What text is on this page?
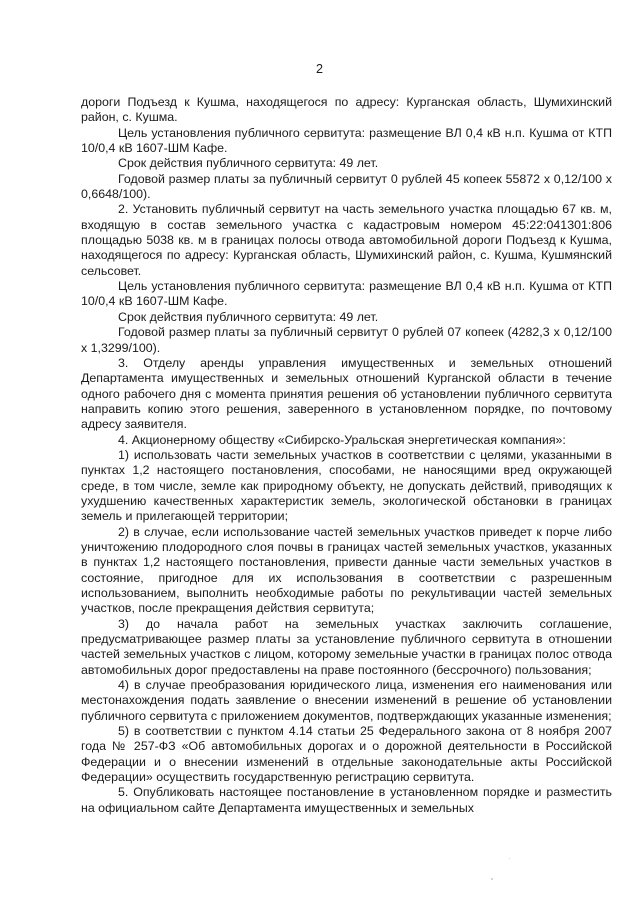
2

дороги Подъезд к Кушма, находящегося по адресу: Курганская область, Шумихинский район, с. Кушма.

Цель установления публичного сервитута: размещение ВЛ 0,4 кВ н.п. Кушма от КТП 10/0,4 кВ 1607-ШМ Кафе.

Срок действия публичного сервитута: 49 лет.

Годовой размер платы за публичный сервитут 0 рублей 45 копеек 55872 x 0,12/100 x 0,6648/100).

2. Установить публичный сервитут на часть земельного участка площадью 67 кв. м, входящую в состав земельного участка с кадастровым номером 45:22:041301:806 площадью 5038 кв. м в границах полосы отвода автомобильной дороги Подъезд к Кушма, находящегося по адресу: Курганская область, Шумихинский район, с. Кушма, Кушмянский сельсовет.

Цель установления публичного сервитута: размещение ВЛ 0,4 кВ н.п. Кушма от КТП 10/0,4 кВ 1607-ШМ Кафе.

Срок действия публичного сервитута: 49 лет.

Годовой размер платы за публичный сервитут 0 рублей 07 копеек (4282,3 x 0,12/100 x 1,3299/100).

3. Отделу аренды управления имущественных и земельных отношений Департамента имущественных и земельных отношений Курганской области в течение одного рабочего дня с момента принятия решения об установлении публичного сервитута направить копию этого решения, заверенного в установленном порядке, по почтовому адресу заявителя.

4. Акционерному обществу «Сибирско-Уральская энергетическая компания»:

1) использовать части земельных участков в соответствии с целями, указанными в пунктах 1,2 настоящего постановления, способами, не наносящими вред окружающей среде, в том числе, земле как природному объекту, не допускать действий, приводящих к ухудшению качественных характеристик земель, экологической обстановки в границах земель и прилегающей территории;

2) в случае, если использование частей земельных участков приведет к порче либо уничтожению плодородного слоя почвы в границах частей земельных участков, указанных в пунктах 1,2 настоящего постановления, привести данные части земельных участков в состояние, пригодное для их использования в соответствии с разрешенным использованием, выполнить необходимые работы по рекультивации частей земельных участков, после прекращения действия сервитута;

3) до начала работ на земельных участках заключить соглашение, предусматривающее размер платы за установление публичного сервитута в отношении частей земельных участков с лицом, которому земельные участки в границах полос отвода автомобильных дорог предоставлены на праве постоянного (бессрочного) пользования;

4) в случае преобразования юридического лица, изменения его наименования или местонахождения подать заявление о внесении изменений в решение об установлении публичного сервитута с приложением документов, подтверждающих указанные изменения;

5) в соответствии с пунктом 4.14 статьи 25 Федерального закона от 8 ноября 2007 года № 257-ФЗ «Об автомобильных дорогах и о дорожной деятельности в Российской Федерации и о внесении изменений в отдельные законодательные акты Российской Федерации» осуществить государственную регистрацию сервитута.

5. Опубликовать настоящее постановление в установленном порядке и разместить на официальном сайте Департамента имущественных и земельных
